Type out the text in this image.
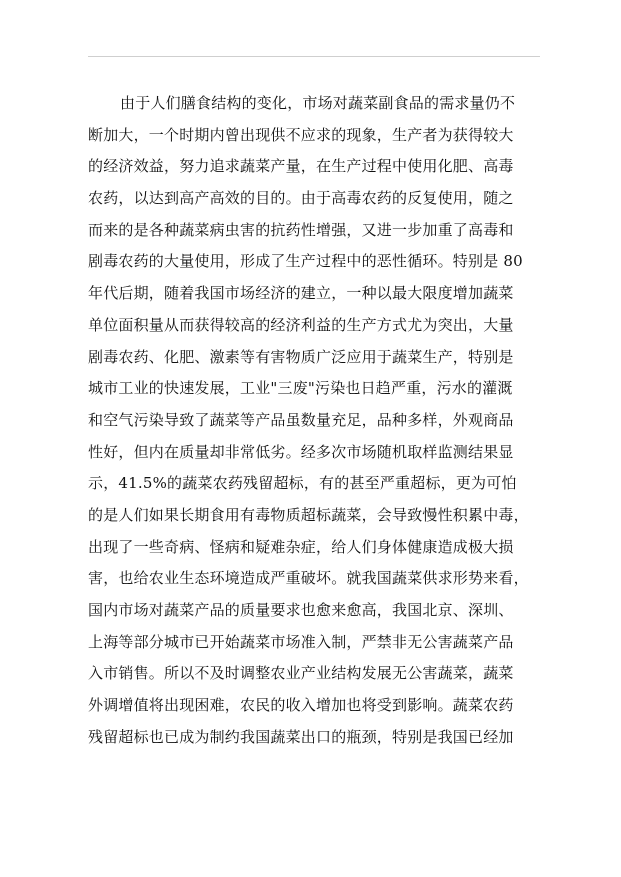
由于人们膳食结构的变化，市场对蔬菜副食品的需求量仍不
断加大，一个时期内曾出现供不应求的现象，生产者为获得较大
的经济效益，努力追求蔬菜产量，在生产过程中使用化肥、高毒
农药，以达到高产高效的目的。由于高毒农药的反复使用，随之
而来的是各种蔬菜病虫害的抗药性增强，又进一步加重了高毒和
剧毒农药的大量使用，形成了生产过程中的恶性循环。特别是 80
年代后期，随着我国市场经济的建立，一种以最大限度增加蔬菜
单位面积量从而获得较高的经济利益的生产方式尤为突出，大量
剧毒农药、化肥、激素等有害物质广泛应用于蔬菜生产，特别是
城市工业的快速发展，工业"三废"污染也日趋严重，污水的灌溉
和空气污染导致了蔬菜等产品虽数量充足，品种多样，外观商品
性好，但内在质量却非常低劣。经多次市场随机取样监测结果显
示，41.5%的蔬菜农药残留超标，有的甚至严重超标，更为可怕
的是人们如果长期食用有毒物质超标蔬菜，会导致慢性积累中毒，
出现了一些奇病、怪病和疑难杂症，给人们身体健康造成极大损
害，也给农业生态环境造成严重破坏。就我国蔬菜供求形势来看，
国内市场对蔬菜产品的质量要求也愈来愈高，我国北京、深圳、
上海等部分城市已开始蔬菜市场准入制，严禁非无公害蔬菜产品
入市销售。所以不及时调整农业产业结构发展无公害蔬菜，蔬菜
外调增值将出现困难，农民的收入增加也将受到影响。蔬菜农药
残留超标也已成为制约我国蔬菜出口的瓶颈，特别是我国已经加
